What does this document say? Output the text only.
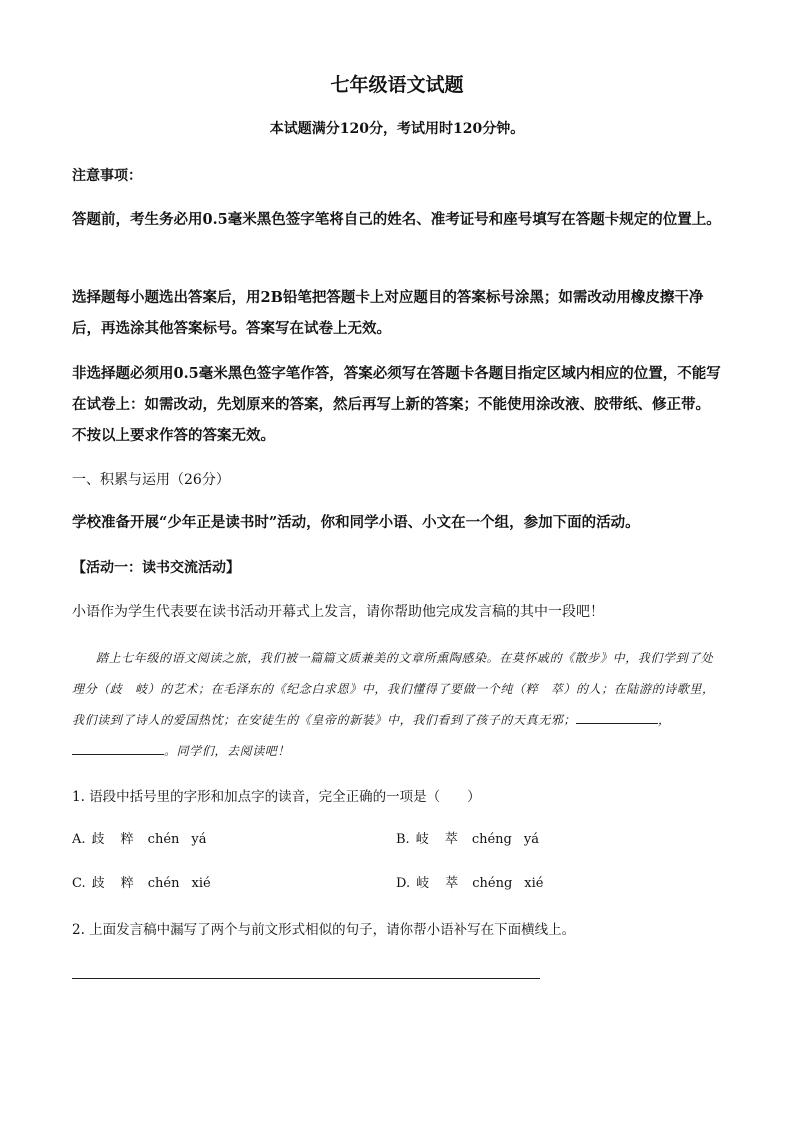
七年级语文试题

本试题满分120分，考试用时120分钟。

注意事项：

答题前，考生务必用0.5毫米黑色签字笔将自己的姓名、准考证号和座号填写在答题卡规定的位置上。

选择题每小题选出答案后，用2B铅笔把答题卡上对应题目的答案标号涂黑；如需改动用橡皮擦干净后，再选涂其他答案标号。答案写在试卷上无效。

非选择题必须用0.5毫米黑色签字笔作答，答案必须写在答题卡各题目指定区域内相应的位置，不能写在试卷上：如需改动，先划原来的答案，然后再写上新的答案；不能使用涂改液、胶带纸、修正带。不按以上要求作答的答案无效。

一、积累与运用（26分）

学校准备开展“少年正是读书时”活动，你和同学小语、小文在一个组，参加下面的活动。

【活动一：读书交流活动】

小语作为学生代表要在读书活动开幕式上发言，请你帮助他完成发言稿的其中一段吧！

踏上七年级的语文阅读之旅，我们被一篇篇文质兼美的文章所熏陶感染。在莫怀戚的《散步》中，我们学到了处理分（歧　岐）的艺术；在毛泽东的《纪念白求恩》中，我们懂得了要做一个纯（粹　萃）的人；在陆游的诗歌里，我们读到了诗人的爱国热忱；在安徒生的《皇帝的新装》中，我们看到了孩子的天真无邪；	，。同学们，去阅读吧！

1. 语段中括号里的字形和加点字的读音，完全正确的一项是（　　）

A. 歧 粹 chén yá	B. 岐 萃 chéng yá
C. 歧 粹 chén xié	D. 岐 萃 chéng xié

2. 上面发言稿中漏写了两个与前文形式相似的句子，请你帮小语补写在下面横线上。
